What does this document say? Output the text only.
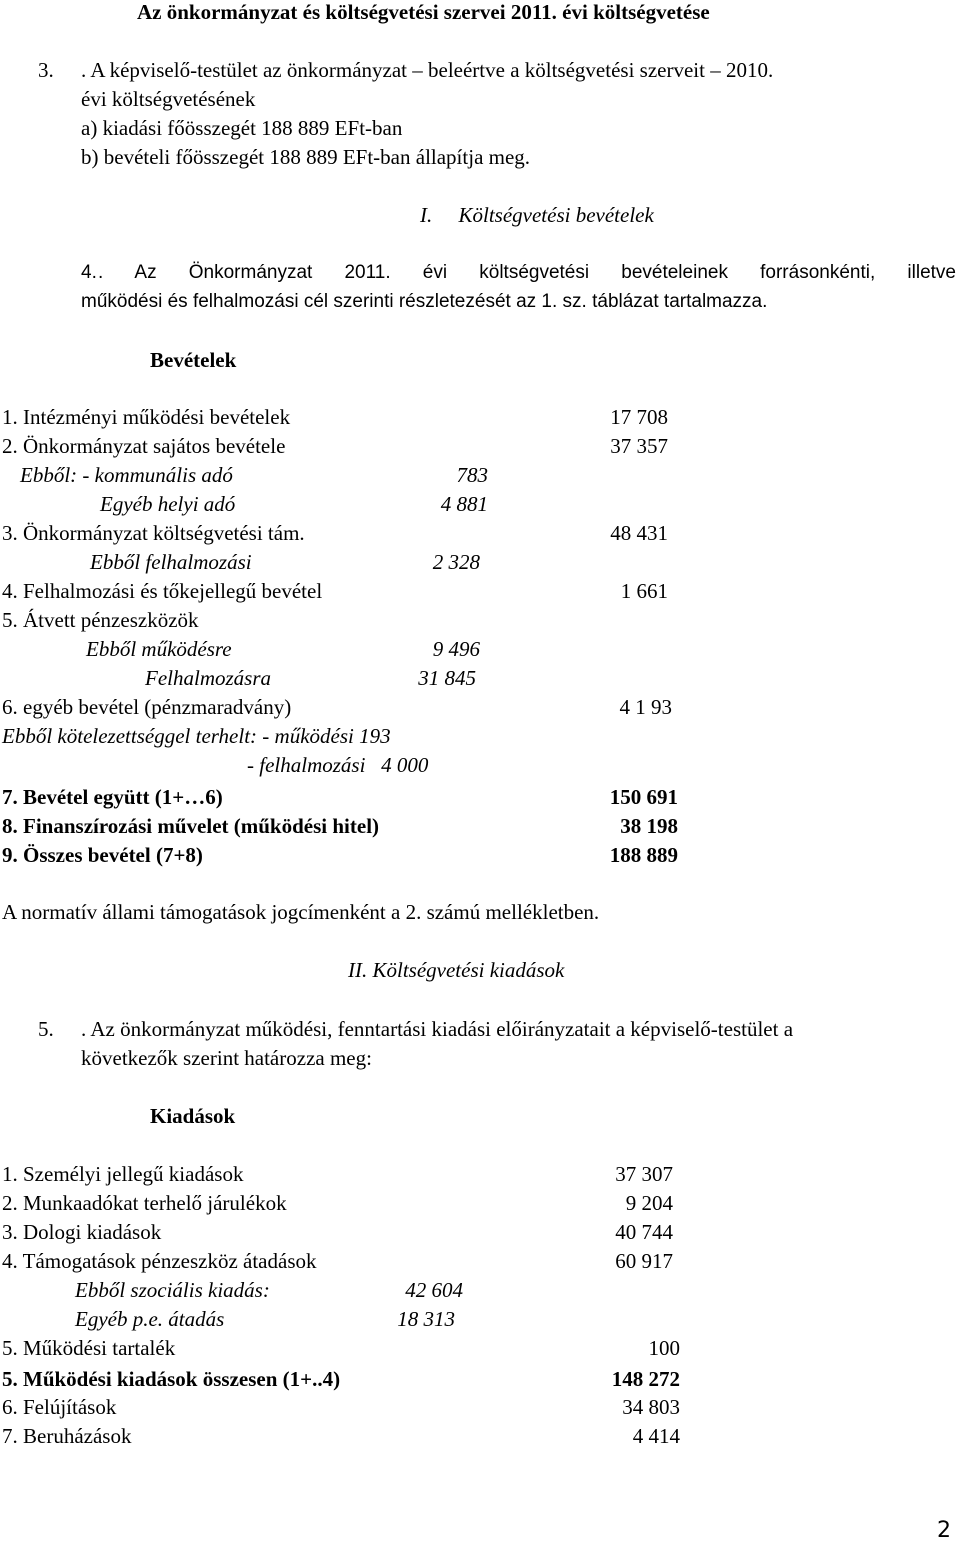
Az önkormányzat és költségvetési szervei 2011. évi költségvetése
3. . A képviselő-testület az önkormányzat – beleértve a költségvetési szerveit – 2010.
évi költségvetésének
a) kiadási főösszegét 188 889 EFt-ban
b) bevételi főösszegét 188 889 EFt-ban állapítja meg.
I.     Költségvetési bevételek
4. . Az Önkormányzat 2011. évi költségvetési bevételeinek forrásonkénti, illetve
működési és felhalmozási cél szerinti részletezését az 1. sz. táblázat tartalmazza.
Bevételek
1. Intézményi működési bevételek	17 708
2. Önkormányzat sajátos bevétele	37 357
Ebből: - kommunális adó	783
Egyéb helyi adó	4 881
3. Önkormányzat költségvetési tám.	48 431
Ebből felhalmozási	2 328
4. Felhalmozási és tőkejellegű bevétel	1 661
5. Átvett pénzeszközök
Ebből működésre	9 496
Felhalmozásra	31 845
6. egyéb bevétel (pénzmaradvány)	4 1 93
Ebből kötelezettséggel terhelt: - működési 193
- felhalmozási   4 000
7. Bevétel együtt (1+…6)	150 691
8. Finanszírozási művelet (működési hitel)	38 198
9. Összes bevétel (7+8)	188 889
A normatív állami támogatások jogcímenként a 2. számú mellékletben.
II. Költségvetési kiadások
5. . Az önkormányzat működési, fenntartási kiadási előirányzatait a képviselő-testület a
következők szerint határozza meg:
Kiadások
1. Személyi jellegű kiadások	37 307
2. Munkaadókat terhelő járulékok	9 204
3. Dologi kiadások	40 744
4. Támogatások pénzeszköz átadások	60 917
Ebből szociális kiadás:	42 604
Egyéb p.e. átadás	18 313
5. Működési tartalék	100
5. Működési kiadások összesen (1+..4)	148 272
6. Felújítások	34 803
7. Beruházások	4 414
2
